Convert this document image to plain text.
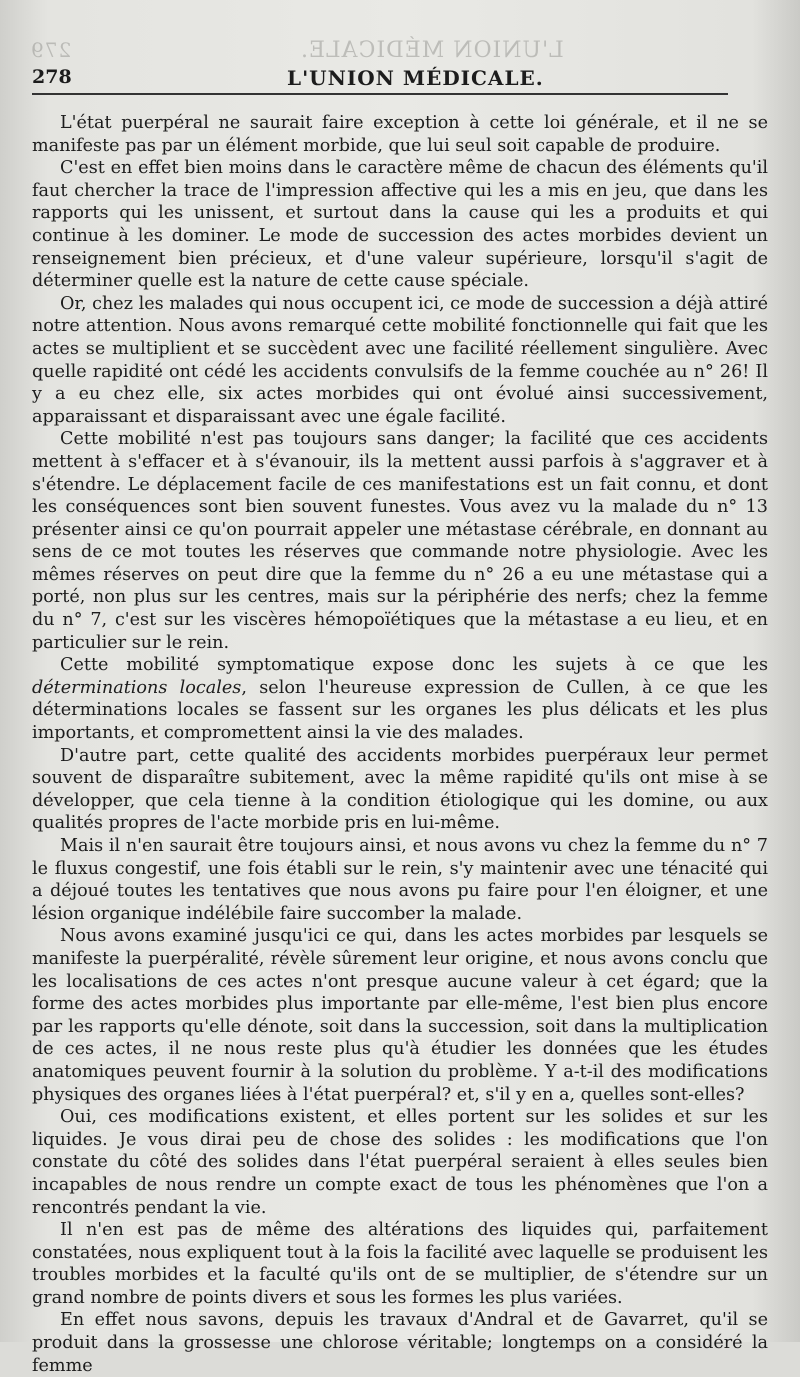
279	L'UNION MÉDICALE.
278	L'UNION MÉDICALE.

L'état puerpéral ne saurait faire exception à cette loi générale, et il ne se manifeste pas par un élément morbide, que lui seul soit capable de produire.

C'est en effet bien moins dans le caractère même de chacun des éléments qu'il faut chercher la trace de l'impression affective qui les a mis en jeu, que dans les rapports qui les unissent, et surtout dans la cause qui les a produits et qui continue à les dominer. Le mode de succession des actes morbides devient un renseignement bien précieux, et d'une valeur supérieure, lorsqu'il s'agit de déterminer quelle est la nature de cette cause spéciale.

Or, chez les malades qui nous occupent ici, ce mode de succession a déjà attiré notre attention. Nous avons remarqué cette mobilité fonctionnelle qui fait que les actes se multiplient et se succèdent avec une facilité réellement singulière. Avec quelle rapidité ont cédé les accidents convulsifs de la femme couchée au n° 26! Il y a eu chez elle, six actes morbides qui ont évolué ainsi successivement, apparaissant et disparaissant avec une égale facilité.

Cette mobilité n'est pas toujours sans danger; la facilité que ces accidents mettent à s'effacer et à s'évanouir, ils la mettent aussi parfois à s'aggraver et à s'étendre. Le déplacement facile de ces manifestations est un fait connu, et dont les conséquences sont bien souvent funestes. Vous avez vu la malade du n° 13 présenter ainsi ce qu'on pourrait appeler une métastase cérébrale, en donnant au sens de ce mot toutes les réserves que commande notre physiologie. Avec les mêmes réserves on peut dire que la femme du n° 26 a eu une métastase qui a porté, non plus sur les centres, mais sur la périphérie des nerfs; chez la femme du n° 7, c'est sur les viscères hémopoïétiques que la métastase a eu lieu, et en particulier sur le rein.

Cette mobilité symptomatique expose donc les sujets à ce que les déterminations locales, selon l'heureuse expression de Cullen, à ce que les déterminations locales se fassent sur les organes les plus délicats et les plus importants, et compromettent ainsi la vie des malades.

D'autre part, cette qualité des accidents morbides puerpéraux leur permet souvent de disparaître subitement, avec la même rapidité qu'ils ont mise à se développer, que cela tienne à la condition étiologique qui les domine, ou aux qualités propres de l'acte morbide pris en lui-même.

Mais il n'en saurait être toujours ainsi, et nous avons vu chez la femme du n° 7 le fluxus congestif, une fois établi sur le rein, s'y maintenir avec une ténacité qui a déjoué toutes les tentatives que nous avons pu faire pour l'en éloigner, et une lésion organique indélébile faire succomber la malade.

Nous avons examiné jusqu'ici ce qui, dans les actes morbides par lesquels se manifeste la puerpéralité, révèle sûrement leur origine, et nous avons conclu que les localisations de ces actes n'ont presque aucune valeur à cet égard; que la forme des actes morbides plus importante par elle-même, l'est bien plus encore par les rapports qu'elle dénote, soit dans la succession, soit dans la multiplication de ces actes, il ne nous reste plus qu'à étudier les données que les études anatomiques peuvent fournir à la solution du problème. Y a-t-il des modifications physiques des organes liées à l'état puerpéral? et, s'il y en a, quelles sont-elles?

Oui, ces modifications existent, et elles portent sur les solides et sur les liquides. Je vous dirai peu de chose des solides : les modifications que l'on constate du côté des solides dans l'état puerpéral seraient à elles seules bien incapables de nous rendre un compte exact de tous les phénomènes que l'on a rencontrés pendant la vie.

Il n'en est pas de même des altérations des liquides qui, parfaitement constatées, nous expliquent tout à la fois la facilité avec laquelle se produisent les troubles morbides et la faculté qu'ils ont de se multiplier, de s'étendre sur un grand nombre de points divers et sous les formes les plus variées.

En effet nous savons, depuis les travaux d'Andral et de Gavarret, qu'il se produit dans la grossesse une chlorose véritable; longtemps on a considéré la femme
